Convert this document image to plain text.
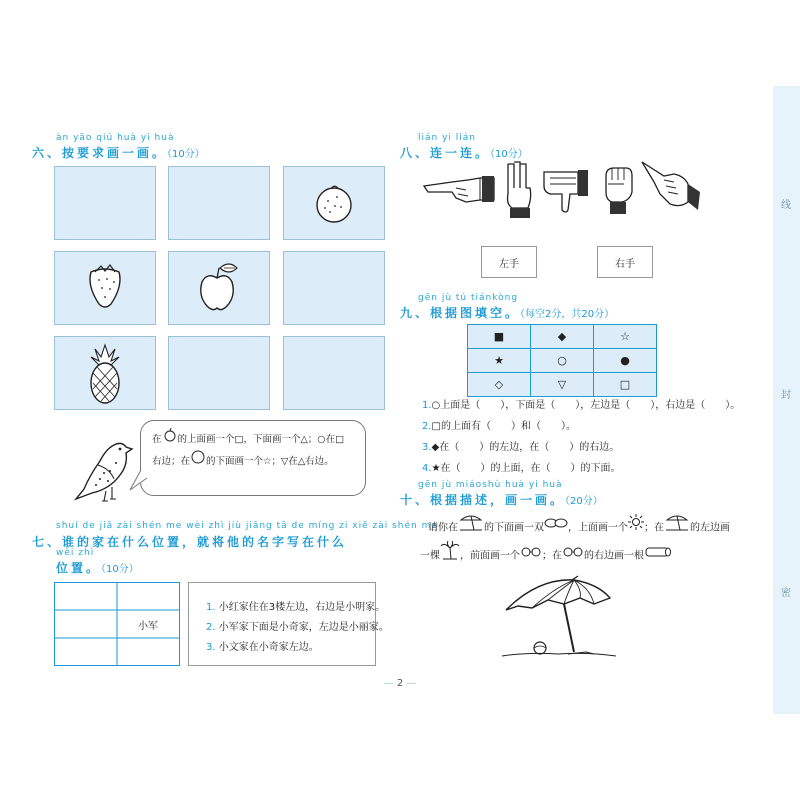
线
封
密
àn yāo qiú huà yi huà
六、按要求画一画。（10分）
在 的上面画一个□，下面画一个△；○在□
右边；在 的下面画一个☆；▽在△右边。
shuí de jiā zài shén me wèi zhì jiù jiāng tā de míng zi xiě zài shén me
七、谁的家在什么位置，就将他的名字写在什么
wèi zhì
位置。（10分）
小军
1. 小红家住在3楼左边，右边是小明家。
2. 小军家下面是小奇家，左边是小丽家。
3. 小文家在小奇家左边。
lián yi lián
八、连一连。（10分）
左手	右手
gēn jù tú tiánkòng
九、根据图填空。（每空2分，共20分）
■	◆	☆
★	○	●
◇	▽	□
1.○上面是（　　），下面是（　　），左边是（　　），右边是（　　）。
2.□的上面有（　　）和（　　）。
3.◆在（　　）的左边，在（　　）的右边。
4.★在（　　）的上面，在（　　）的下面。
gēn jù miáoshù huà yi huà
十、根据描述，画一画。（20分）
请你在	的下面画一双 ，上面画一个 ；在	的左边画
一棵 ，前面画一个 ；在 的右边画一根
— 2 —
